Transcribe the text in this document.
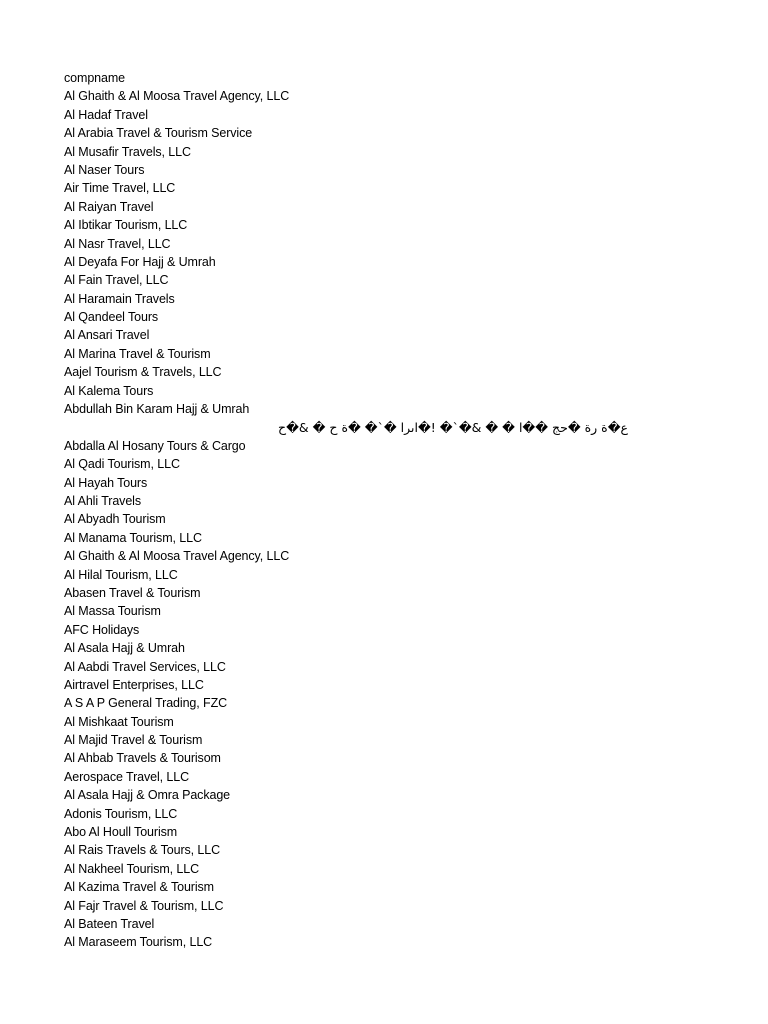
compname
Al Ghaith & Al Moosa Travel Agency, LLC
Al Hadaf Travel
Al Arabia Travel & Tourism Service
Al Musafir Travels, LLC
Al Naser Tours
Air Time Travel, LLC
Al Raiyan Travel
Al Ibtikar Tourism, LLC
Al Nasr Travel, LLC
Al Deyafa For Hajj & Umrah
Al Fain Travel, LLC
Al Haramain Travels
Al Qandeel Tours
Al Ansari Travel
Al Marina Travel & Tourism
Aajel Tourism & Travels, LLC
Al Kalema Tours
Abdullah Bin Karam Hajj & Umrah

Abdalla Al Hosany Tours & Cargo
Al Qadi Tourism, LLC
Al Hayah Tours
Al Ahli Travels
Al Abyadh Tourism
Al Manama Tourism, LLC
Al Ghaith & Al Moosa Travel Agency, LLC
Al Hilal Tourism, LLC
Abasen Travel & Tourism
Al Massa Tourism
AFC Holidays
Al Asala Hajj & Umrah
Al Aabdi Travel Services, LLC
Airtravel Enterprises, LLC
A S A P General Trading, FZC
Al Mishkaat Tourism
Al Majid Travel & Tourism
Al Ahbab Travels & Tourisom
Aerospace Travel, LLC
Al Asala Hajj & Omra Package
Adonis Tourism, LLC
Abo Al Houll Tourism
Al Rais Travels & Tours, LLC
Al Nakheel Tourism, LLC
Al Kazima Travel & Tourism
Al Fajr Travel & Tourism, LLC
Al Bateen Travel
Al Maraseem Tourism, LLC
ع�ة رة �حج ��ا � � &�`� !�اىرا �`� �ة ح � &�ح
